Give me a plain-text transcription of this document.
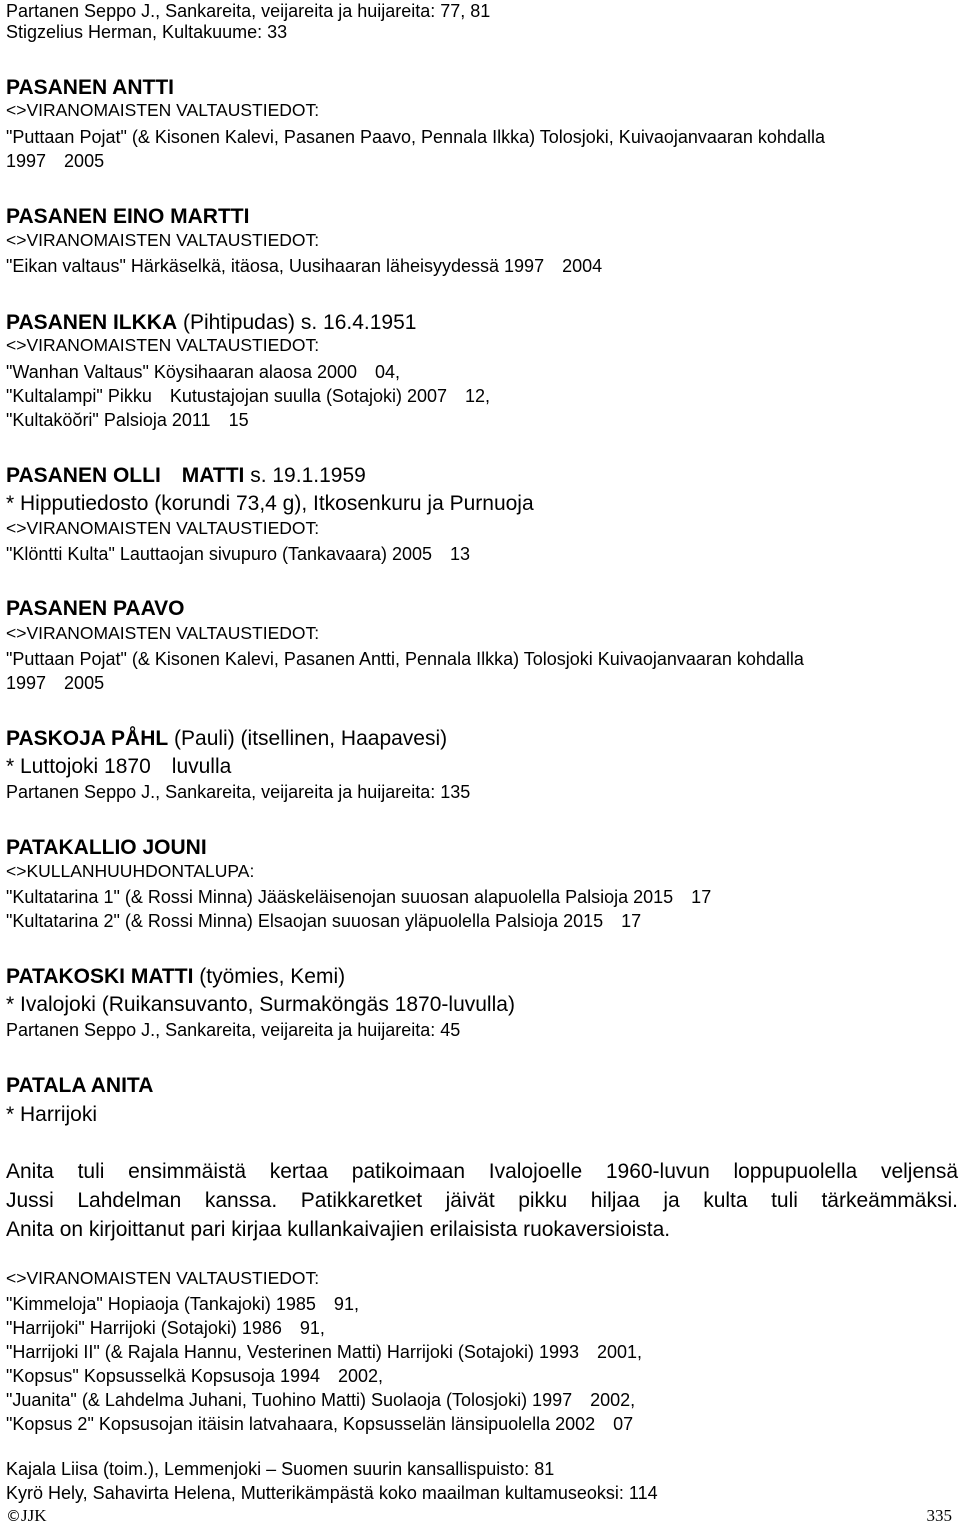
Partanen Seppo J., Sankareita, veijareita ja huijareita: 77, 81
Stigzelius Herman, Kultakuume: 33
PASANEN ANTTI
<>VIRANOMAISTEN VALTAUSTIEDOT:
"Puttaan Pojat" (& Kisonen Kalevi, Pasanen Paavo, Pennala Ilkka) Tolosjoki, Kuivaojanvaaran kohdalla
1997 2005
PASANEN EINO MARTTI
<>VIRANOMAISTEN VALTAUSTIEDOT:
"Eikan valtaus" Härkäselkä, itäosa, Uusihaaran läheisyydessä 1997 2004
PASANEN ILKKA (Pihtipudas) s. 16.4.1951
<>VIRANOMAISTEN VALTAUSTIEDOT:
"Wanhan Valtaus" Köysihaaran alaosa 2000 04,
"Kultalampi" Pikku Kutustajojan suulla (Sotajoki) 2007 12,
"Kultaköŏri" Palsioja 2011 15
PASANEN OLLI MATTI s. 19.1.1959
* Hipputiedosto (korundi 73,4 g), Itkosenkuru ja Purnuoja
<>VIRANOMAISTEN VALTAUSTIEDOT:
"Klöntti Kulta" Lauttaojan sivupuro (Tankavaara) 2005 13
PASANEN PAAVO
<>VIRANOMAISTEN VALTAUSTIEDOT:
"Puttaan Pojat" (& Kisonen Kalevi, Pasanen Antti, Pennala Ilkka) Tolosjoki Kuivaojanvaaran kohdalla
1997 2005
PASKOJA PÅHL (Pauli) (itsellinen, Haapavesi)
* Luttojoki 1870 luvulla
Partanen Seppo J., Sankareita, veijareita ja huijareita: 135
PATAKALLIO JOUNI
<>KULLANHUUHDONTALUPA:
"Kultatarina 1" (& Rossi Minna) Jääskeläisenojan suuosan alapuolella Palsioja 2015 17
"Kultatarina 2" (& Rossi Minna) Elsaojan suuosan yläpuolella Palsioja 2015 17
PATAKOSKI MATTI (työmies, Kemi)
* Ivalojoki (Ruikansuvanto, Surmaköngäs 1870-luvulla)
Partanen Seppo J., Sankareita, veijareita ja huijareita: 45
PATALA ANITA
* Harrijoki
Anita tuli ensimmäistä kertaa patikoimaan Ivalojoelle 1960-luvun loppupuolella veljensä
Jussi Lahdelman kanssa. Patikkaretket jäivät pikku hiljaa ja kulta tuli tärkeämmäksi.
Anita on kirjoittanut pari kirjaa kullankaivajien erilaisista ruokaversioista.
<>VIRANOMAISTEN VALTAUSTIEDOT:
"Kimmeloja" Hopiaoja (Tankajoki) 1985 91,
"Harrijoki" Harrijoki (Sotajoki) 1986 91,
"Harrijoki II" (& Rajala Hannu, Vesterinen Matti) Harrijoki (Sotajoki) 1993 2001,
"Kopsus" Kopsusselkä Kopsusoja 1994 2002,
"Juanita" (& Lahdelma Juhani, Tuohino Matti) Suolaoja (Tolosjoki) 1997 2002,
"Kopsus 2" Kopsusojan itäisin latvahaara, Kopsusselän länsipuolella 2002 07
Kajala Liisa (toim.), Lemmenjoki – Suomen suurin kansallispuisto: 81
Kyrö Hely, Sahavirta Helena, Mutterikämpästä koko maailman kultamuseoksi: 114
©JJK	335
